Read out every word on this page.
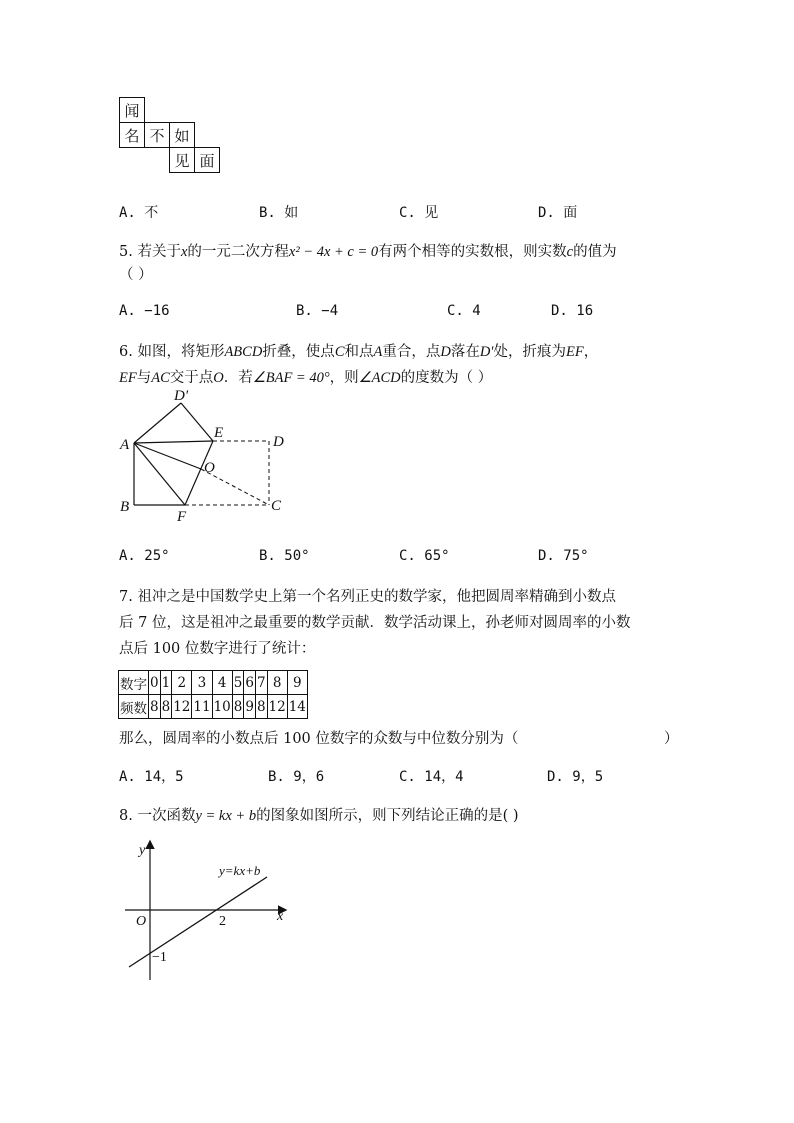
闻			
名	不	如	
		见	面
A. 不	B. 如	C. 见	D. 面
5. 若关于x的一元二次方程x² − 4x + c = 0有两个相等的实数根，则实数c的值为
（ ）
A. −16	B. −4	C. 4	D. 16
6. 如图，将矩形ABCD折叠，使点C和点A重合，点D落在D′处，折痕为EF，
EF与AC交于点O．若∠BAF = 40°，则∠ACD的度数为（ ）
D′
A
E
D
O
B
F
C
A. 25°	B. 50°	C. 65°	D. 75°
7. 祖冲之是中国数学史上第一个名列正史的数学家，他把圆周率精确到小数点
后 7 位，这是祖冲之最重要的数学贡献．数学活动课上，孙老师对圆周率的小数
点后 100 位数字进行了统计：
数字	0	1	2	3	4	5	6	7	8	9
频数	8	8	12	11	10	8	9	8	12	14
那么，圆周率的小数点后 100 位数字的众数与中位数分别为（	）
A. 14，5	B. 9，6	C. 14，4	D. 9，5
8. 一次函数y = kx + b的图象如图所示，则下列结论正确的是( )
y
x
O	2
−1
y=kx+b
